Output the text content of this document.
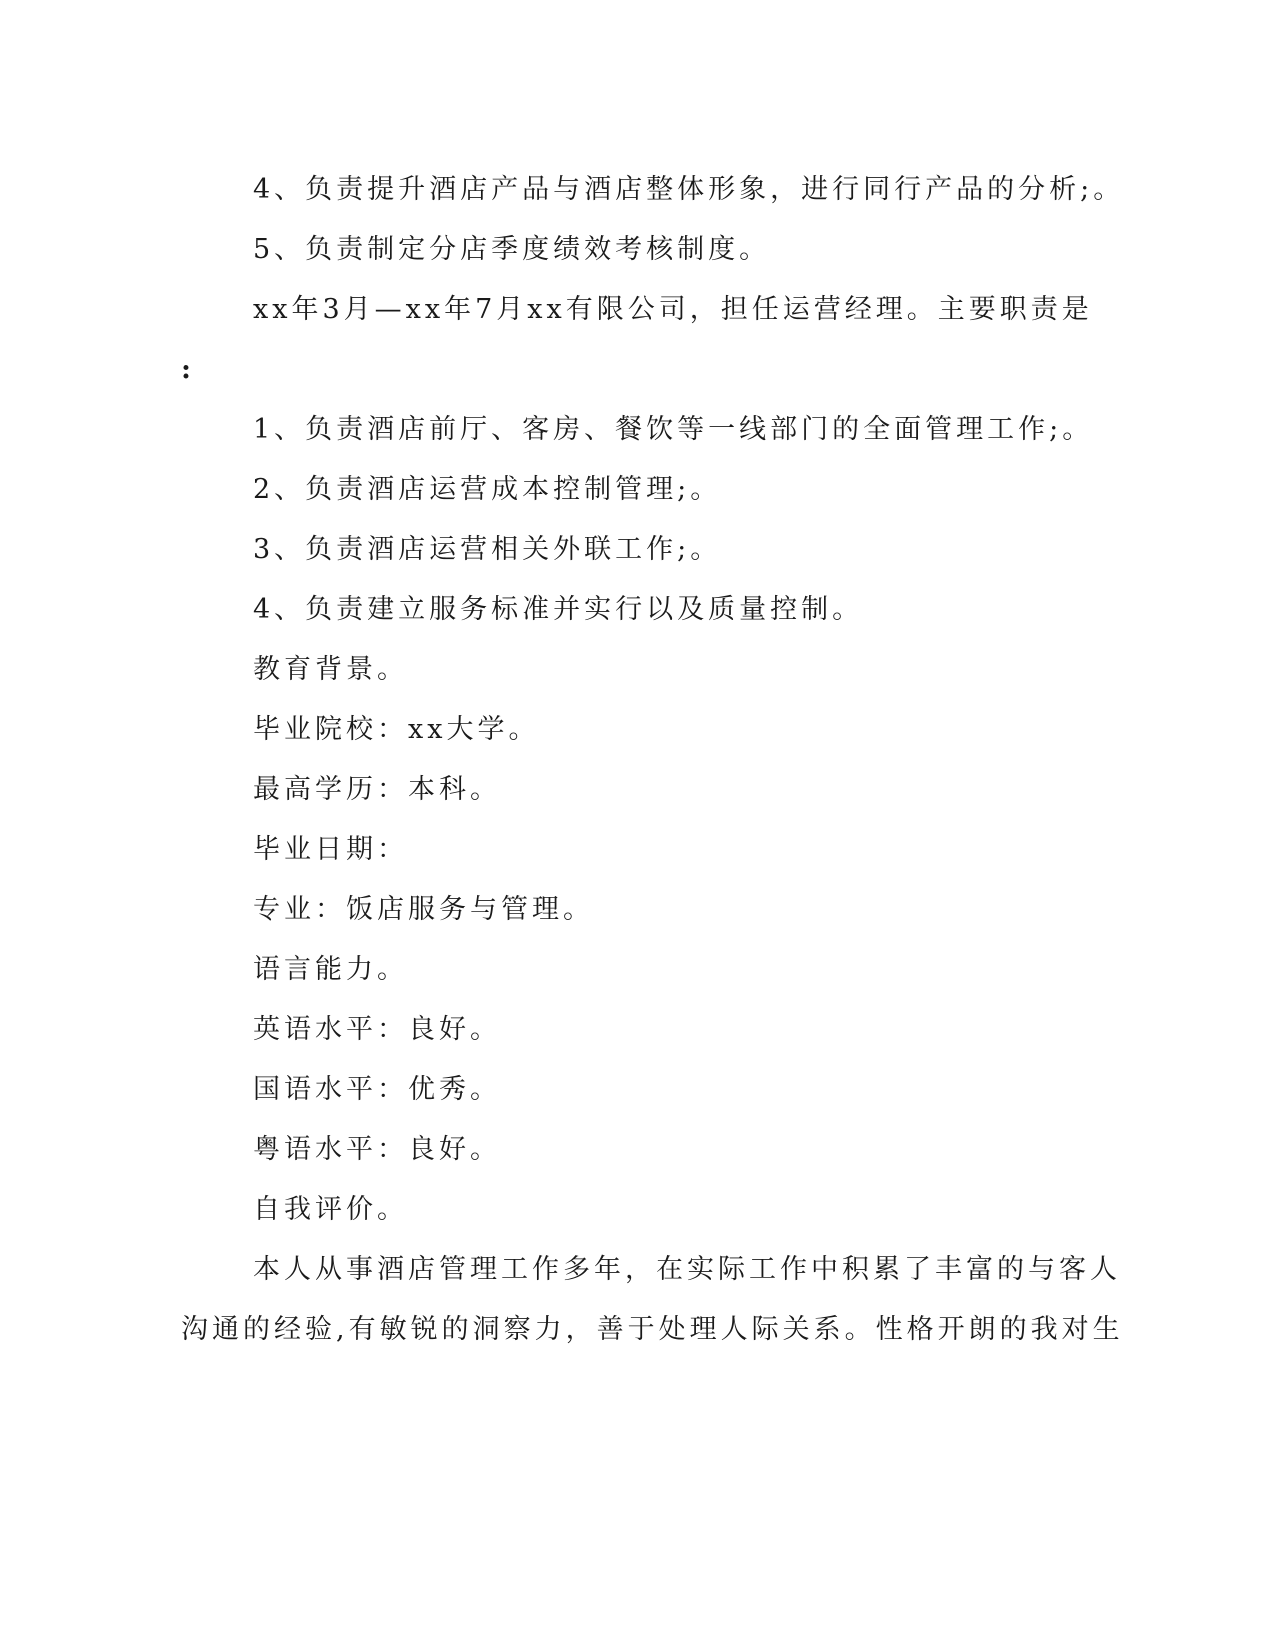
4、负责提升酒店产品与酒店整体形象，进行同行产品的分析;。
5、负责制定分店季度绩效考核制度。
xx年3月—xx年7月xx有限公司，担任运营经理。主要职责是
:
1、负责酒店前厅、客房、餐饮等一线部门的全面管理工作;。
2、负责酒店运营成本控制管理;。
3、负责酒店运营相关外联工作;。
4、负责建立服务标准并实行以及质量控制。
教育背景。
毕业院校：xx大学。
最高学历：本科。
毕业日期：
专业：饭店服务与管理。
语言能力。
英语水平：良好。
国语水平：优秀。
粤语水平：良好。
自我评价。
本人从事酒店管理工作多年，在实际工作中积累了丰富的与客人
沟通的经验,有敏锐的洞察力，善于处理人际关系。性格开朗的我对生
